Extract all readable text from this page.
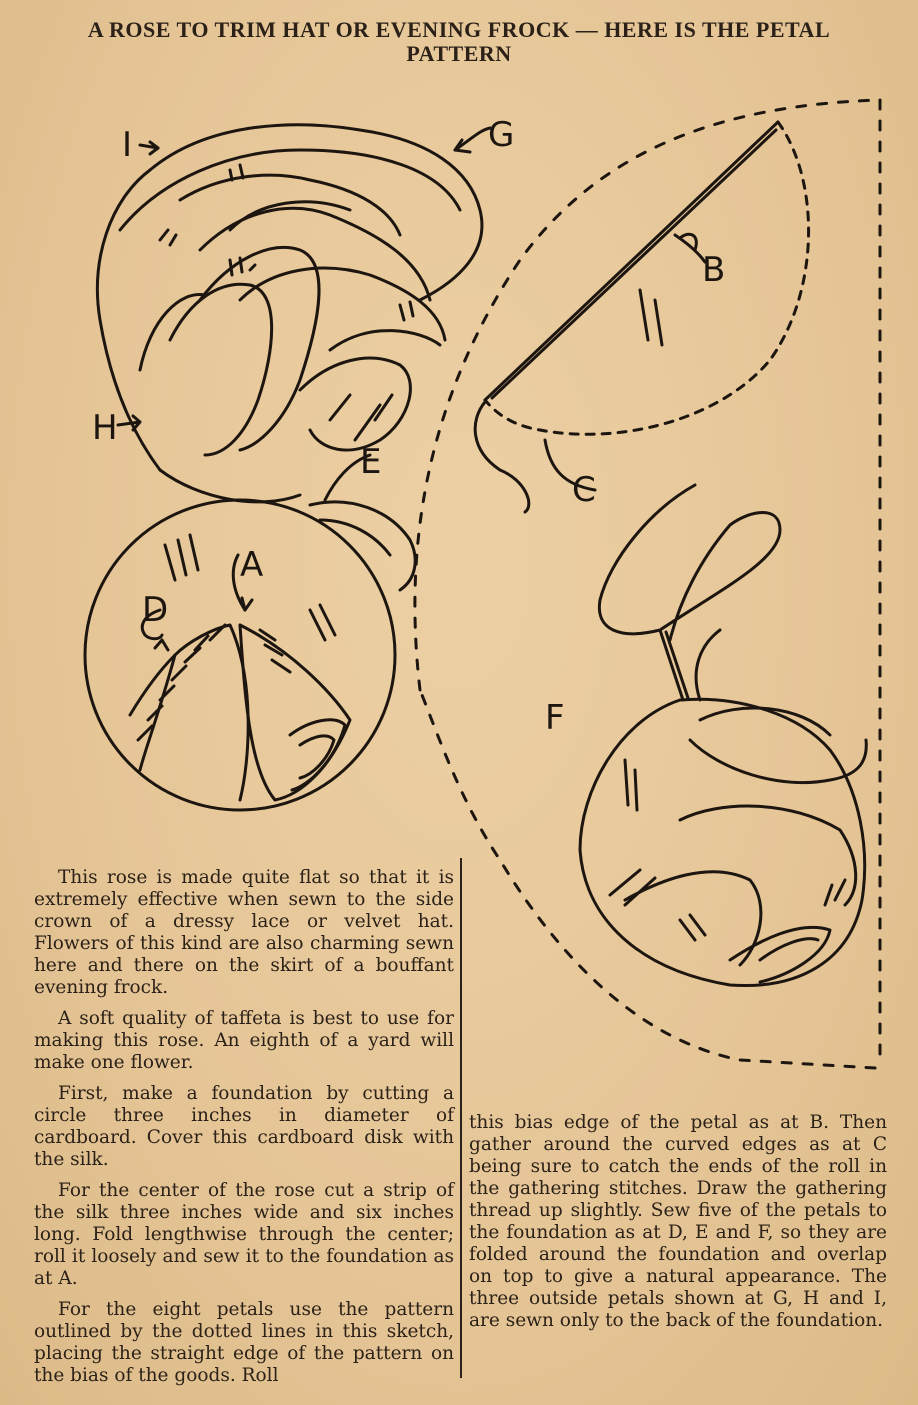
A ROSE TO TRIM HAT OR EVENING FROCK — HERE IS THE PETAL
PATTERN
I	G
H
E
A
D
B
C
F

This rose is made quite flat so that it is extremely effective when sewn to the side crown of a dressy lace or velvet hat. Flowers of this kind are also charming sewn here and there on the skirt of a bouffant evening frock.

A soft quality of taffeta is best to use for making this rose. An eighth of a yard will make one flower.

First, make a foundation by cutting a circle three inches in diameter of cardboard. Cover this cardboard disk with the silk.

For the center of the rose cut a strip of the silk three inches wide and six inches long. Fold lengthwise through the center; roll it loosely and sew it to the foundation as at A.

For the eight petals use the pattern outlined by the dotted lines in this sketch, placing the straight edge of the pattern on the bias of the goods. Roll

this bias edge of the petal as at B. Then gather around the curved edges as at C being sure to catch the ends of the roll in the gathering stitches. Draw the gathering thread up slightly. Sew five of the petals to the foundation as at D, E and F, so they are folded around the foundation and overlap on top to give a natural appearance. The three outside petals shown at G, H and I, are sewn only to the back of the foundation.
